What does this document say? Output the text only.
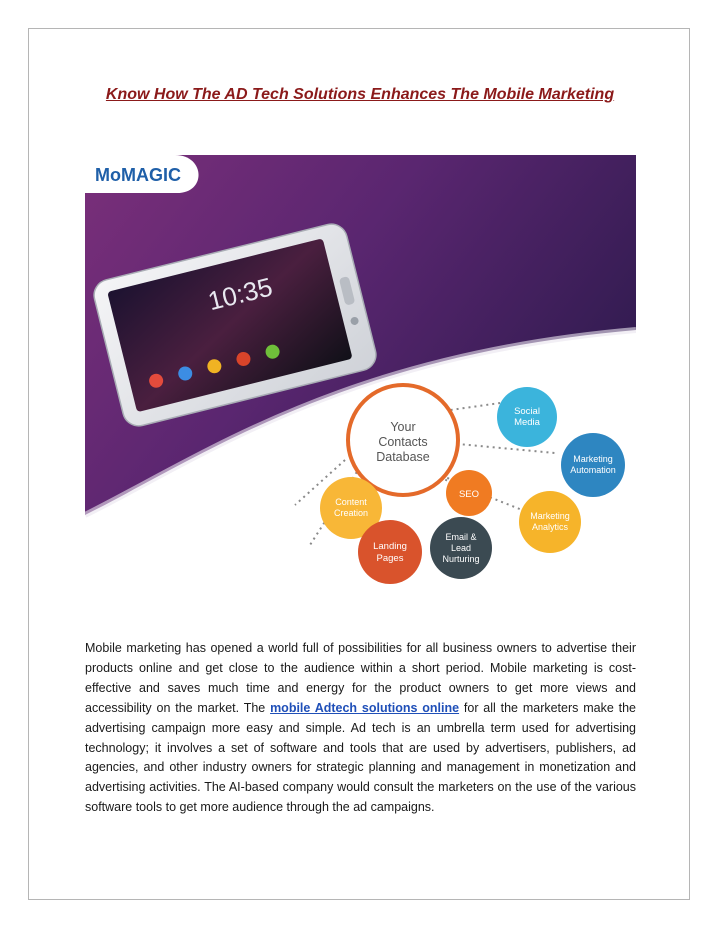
Know How The AD Tech Solutions Enhances The Mobile Marketing
MoMAGIC
10:35
Your
Contacts
Database
Social
Media
Marketing
Automation
SEO
Marketing
Analytics
Content
Creation
Landing
Pages
Email &
Lead
Nurturing
Mobile marketing has opened a world full of possibilities for all business owners to advertise their products online and get close to the audience within a short period. Mobile marketing is cost-effective and saves much time and energy for the product owners to get more views and accessibility on the market. The mobile Adtech solutions online for all the marketers make the advertising campaign more easy and simple. Ad tech is an umbrella term used for advertising technology; it involves a set of software and tools that are used by advertisers, publishers, ad agencies, and other industry owners for strategic planning and management in monetization and advertising activities. The AI-based company would consult the marketers on the use of the various software tools to get more audience through the ad campaigns.
